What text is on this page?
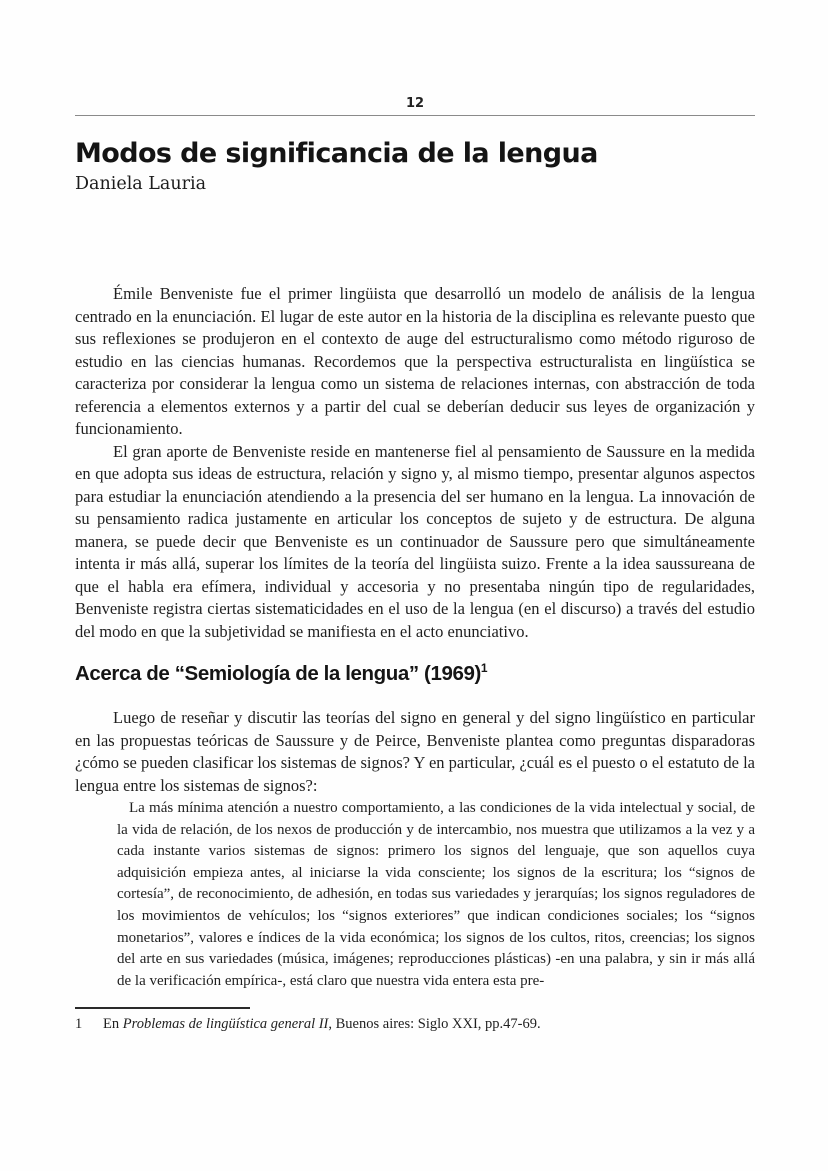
12
Modos de significancia de la lengua
Daniela Lauria

Émile Benveniste fue el primer lingüista que desarrolló un modelo de análisis de la lengua centrado en la enunciación. El lugar de este autor en la historia de la disciplina es relevante puesto que sus reflexiones se produjeron en el contexto de auge del estructuralismo como método riguroso de estudio en las ciencias humanas. Recordemos que la perspectiva estructuralista en lingüística se caracteriza por considerar la lengua como un sistema de relaciones internas, con abstracción de toda referencia a elementos externos y a partir del cual se deberían deducir sus leyes de organización y funcionamiento.

El gran aporte de Benveniste reside en mantenerse fiel al pensamiento de Saussure en la medida en que adopta sus ideas de estructura, relación y signo y, al mismo tiempo, presentar algunos aspectos para estudiar la enunciación atendiendo a la presencia del ser humano en la lengua. La innovación de su pensamiento radica justamente en articular los conceptos de sujeto y de estructura. De alguna manera, se puede decir que Benveniste es un continuador de Saussure pero que simultáneamente intenta ir más allá, superar los límites de la teoría del lingüista suizo. Frente a la idea saussureana de que el habla era efímera, individual y accesoria y no presentaba ningún tipo de regularidades, Benveniste registra ciertas sistematicidades en el uso de la lengua (en el discurso) a través del estudio del modo en que la subjetividad se manifiesta en el acto enunciativo.

Acerca de “Semiología de la lengua” $(1969)^1$

Luego de reseñar y discutir las teorías del signo en general y del signo lingüístico en particular en las propuestas teóricas de Saussure y de Peirce, Benveniste plantea como preguntas disparadoras ¿cómo se pueden clasificar los sistemas de signos? Y en particular, ¿cuál es el puesto o el estatuto de la lengua entre los sistemas de signos?:

La más mínima atención a nuestro comportamiento, a las condiciones de la vida intelectual y social, de la vida de relación, de los nexos de producción y de intercambio, nos muestra que utilizamos a la vez y a cada instante varios sistemas de signos: primero los signos del lenguaje, que son aquellos cuya adquisición empieza antes, al iniciarse la vida consciente; los signos de la escritura; los “signos de cortesía”, de reconocimiento, de adhesión, en todas sus variedades y jerarquías; los signos reguladores de los movimientos de vehículos; los “signos exteriores” que indican condiciones sociales; los “signos monetarios”, valores e índices de la vida económica; los signos de los cultos, ritos, creencias; los signos del arte en sus variedades (música, imágenes; reproducciones plásticas) -en una palabra, y sin ir más allá de la verificación empírica-, está claro que nuestra vida entera esta pre-
1 En Problemas de lingüística general II, Buenos aires: Siglo XXI, pp.47-69.
